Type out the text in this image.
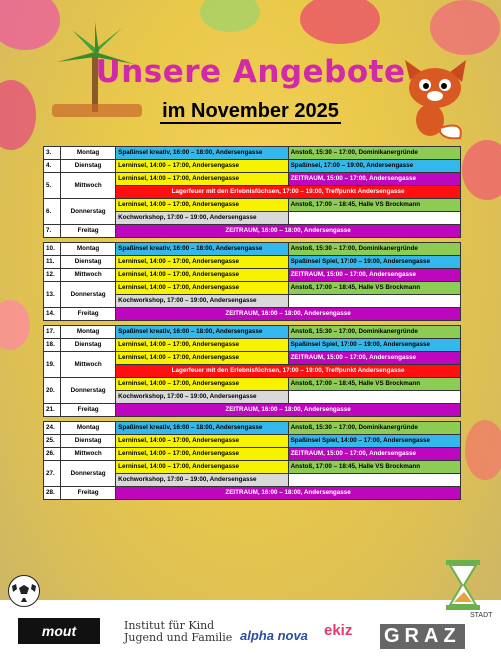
Unsere Angebote
im November 2025
3.	Montag	Spaßinsel kreativ, 16:00 – 18:00, Andersengasse	Anstoß, 15:30 – 17:00, Dominikanergründe
4.	Dienstag	Lerninsel, 14:00 – 17:00, Andersengasse	Spaßinsel, 17:00 – 19:00, Andersengasse
5.	Mittwoch	Lerninsel, 14:00 – 17:00, Andersengasse	ZEITRAUM, 15:00 – 17:00, Andersengasse
		Lagerfeuer mit den Erlebnisfüchsen, 17:00 – 19:00, Treffpunkt Andersengasse	
6.	Donnerstag	Lerninsel, 14:00 – 17:00, Andersengasse	Anstoß, 17:00 – 18:45, Halle VS Brockmann
		Kochworkshop, 17:00 – 19:00, Andersengasse	
7.	Freitag	ZEITRAUM, 16:00 – 18:00, Andersengasse	

10.	Montag	Spaßinsel kreativ, 16:00 – 18:00, Andersengasse	Anstoß, 15:30 – 17:00, Dominikanergründe
11.	Dienstag	Lerninsel, 14:00 – 17:00, Andersengasse	Spaßinsel Spiel, 17:00 – 19:00, Andersengasse
12.	Mittwoch	Lerninsel, 14:00 – 17:00, Andersengasse	ZEITRAUM, 15:00 – 17:00, Andersengasse
13.	Donnerstag	Lerninsel, 14:00 – 17:00, Andersengasse	Anstoß, 17:00 – 18:45, Halle VS Brockmann
		Kochworkshop, 17:00 – 19:00, Andersengasse	
14.	Freitag	ZEITRAUM, 16:00 – 18:00, Andersengasse	

17.	Montag	Spaßinsel kreativ, 16:00 – 18:00, Andersengasse	Anstoß, 15:30 – 17:00, Dominikanergründe
18.	Dienstag	Lerninsel, 14:00 – 17:00, Andersengasse	Spaßinsel Spiel, 17:00 – 19:00, Andersengasse
19.	Mittwoch	Lerninsel, 14:00 – 17:00, Andersengasse	ZEITRAUM, 15:00 – 17:00, Andersengasse
		Lagerfeuer mit den Erlebnisfüchsen, 17:00 – 19:00, Treffpunkt Andersengasse	
20.	Donnerstag	Lerninsel, 14:00 – 17:00, Andersengasse	Anstoß, 17:00 – 18:45, Halle VS Brockmann
		Kochworkshop, 17:00 – 19:00, Andersengasse	
21.	Freitag	ZEITRAUM, 16:00 – 18:00, Andersengasse	

24.	Montag	Spaßinsel kreativ, 16:00 – 18:00, Andersengasse	Anstoß, 15:30 – 17:00, Dominikanergründe
25.	Dienstag	Lerninsel, 14:00 – 17:00, Andersengasse	Spaßinsel Spiel, 14:00 – 17:00, Andersengasse
26.	Mittwoch	Lerninsel, 14:00 – 17:00, Andersengasse	ZEITRAUM, 15:00 – 17:00, Andersengasse
27.	Donnerstag	Lerninsel, 14:00 – 17:00, Andersengasse	Anstoß, 17:00 – 18:45, Halle VS Brockmann
		Kochworkshop, 17:00 – 19:00, Andersengasse	
28.	Freitag	ZEITRAUM, 16:00 – 18:00, Andersengasse	
mout	Institut für Kind
Jugend und Familie alpha nova ekiz GRAZ
STADT
